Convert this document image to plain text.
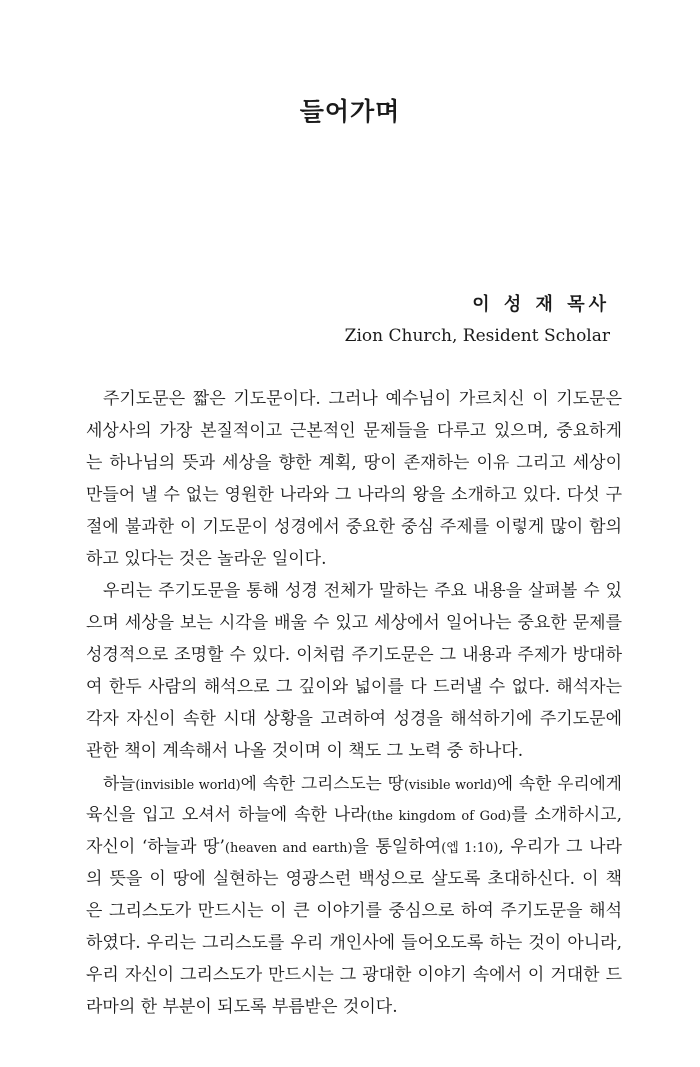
들어가며
이 성 재 목사
Zion Church, Resident Scholar
주기도문은 짧은 기도문이다. 그러나 예수님이 가르치신 이 기도문은
세상사의 가장 본질적이고 근본적인 문제들을 다루고 있으며, 중요하게
는 하나님의 뜻과 세상을 향한 계획, 땅이 존재하는 이유 그리고 세상이
만들어 낼 수 없는 영원한 나라와 그 나라의 왕을 소개하고 있다. 다섯 구
절에 불과한 이 기도문이 성경에서 중요한 중심 주제를 이렇게 많이 함의
하고 있다는 것은 놀라운 일이다.
우리는 주기도문을 통해 성경 전체가 말하는 주요 내용을 살펴볼 수 있
으며 세상을 보는 시각을 배울 수 있고 세상에서 일어나는 중요한 문제를
성경적으로 조명할 수 있다. 이처럼 주기도문은 그 내용과 주제가 방대하
여 한두 사람의 해석으로 그 깊이와 넓이를 다 드러낼 수 없다. 해석자는
각자 자신이 속한 시대 상황을 고려하여 성경을 해석하기에 주기도문에
관한 책이 계속해서 나올 것이며 이 책도 그 노력 중 하나다.
하늘(invisible world)에 속한 그리스도는 땅(visible world)에 속한 우리에게
육신을 입고 오셔서 하늘에 속한 나라(the kingdom of God)를 소개하시고,
자신이 ‘하늘과 땅’(heaven and earth)을 통일하여(엡 1:10), 우리가 그 나라
의 뜻을 이 땅에 실현하는 영광스런 백성으로 살도록 초대하신다. 이 책
은 그리스도가 만드시는 이 큰 이야기를 중심으로 하여 주기도문을 해석
하였다. 우리는 그리스도를 우리 개인사에 들어오도록 하는 것이 아니라,
우리 자신이 그리스도가 만드시는 그 광대한 이야기 속에서 이 거대한 드
라마의 한 부분이 되도록 부름받은 것이다.
